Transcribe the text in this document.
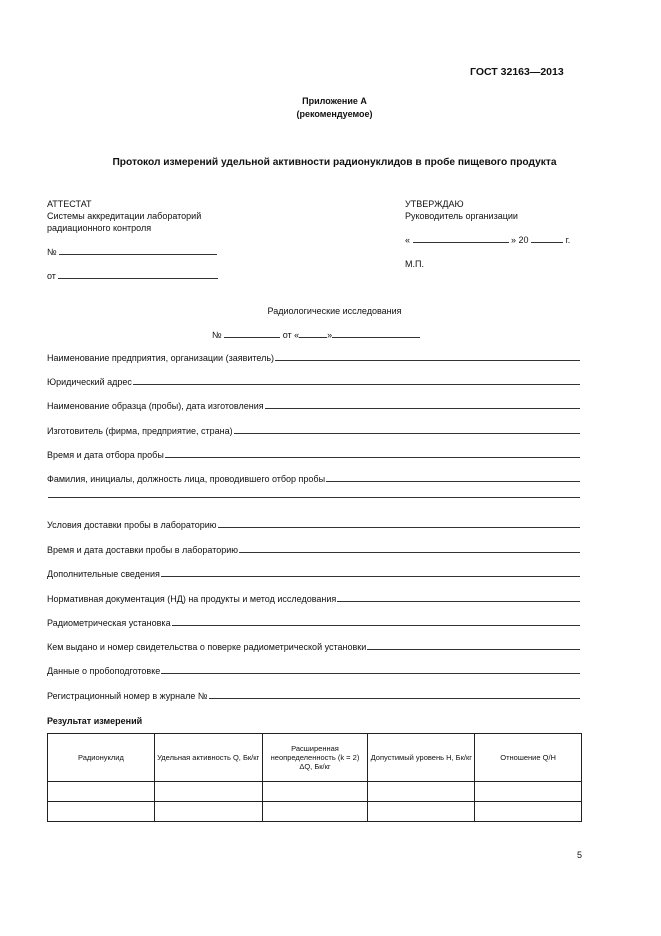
ГОСТ 32163—2013
Приложение А
(рекомендуемое)
Протокол измерений удельной активности радионуклидов в пробе пищевого продукта
АТТЕСТАТ
Системы аккредитации лабораторий
радиационного контроля
№
от
УТВЕРЖДАЮ
Руководитель организации
«	» 20	г.
М.П.
Радиологические исследования
№	от «	»
Наименование предприятия, организации (заявитель)
Юридический адрес
Наименование образца (пробы), дата изготовления
Изготовитель (фирма, предприятие, страна)
Время и дата отбора пробы
Фамилия, инициалы, должность лица, проводившего отбор пробы
Условия доставки пробы в лабораторию
Время и дата доставки пробы в лабораторию
Дополнительные сведения
Нормативная документация (НД) на продукты и метод исследования
Радиометрическая установка
Кем выдано и номер свидетельства о поверке радиометрической установки
Данные о пробоподготовке
Регистрационный номер в журнале №
Результат измерений
Радионуклид	Удельная активность Q, Бк/кг	Расширенная неопределенность (k = 2) ΔQ, Бк/кг	Допустимый уровень H, Бк/кг	Отношение Q/H

5
